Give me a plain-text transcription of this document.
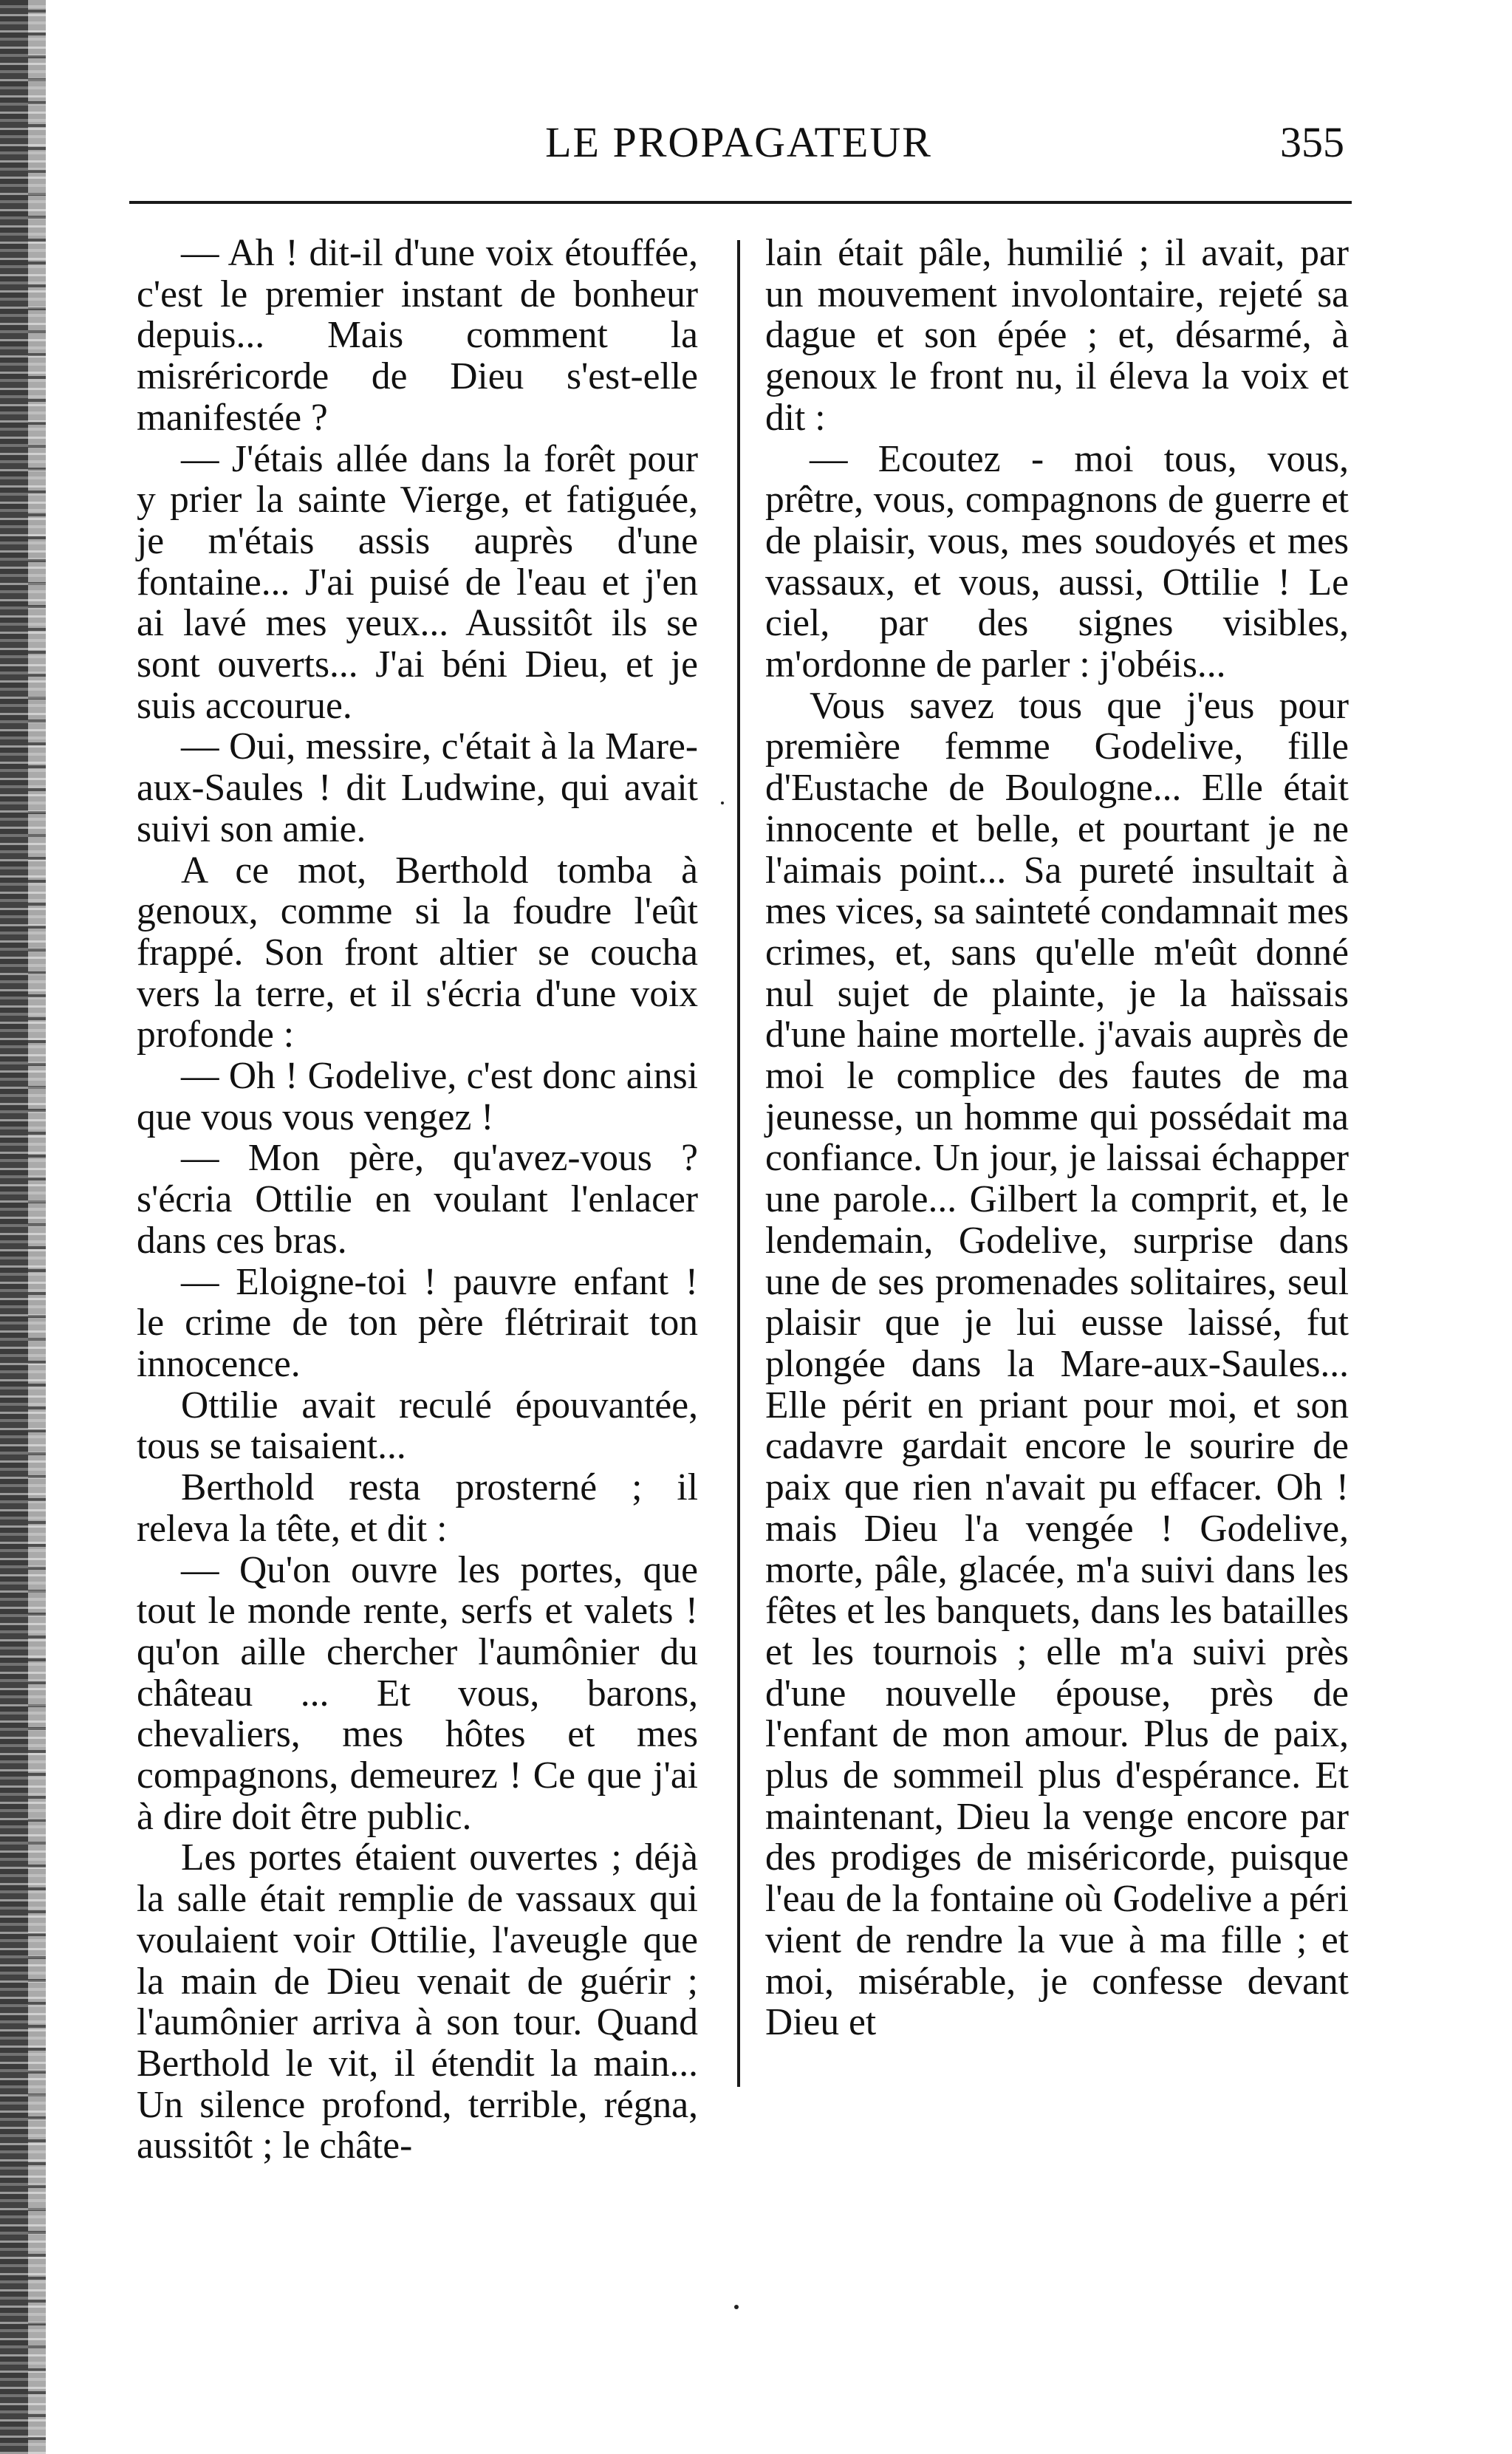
LE PROPAGATEUR	355

— Ah ! dit-il d'une voix étouffée, c'est le premier instant de bonheur depuis... Mais comment la misréricorde de Dieu s'est-elle manifestée ?

— J'étais allée dans la forêt pour y prier la sainte Vierge, et fatiguée, je m'étais assis auprès d'une fontaine... J'ai puisé de l'eau et j'en ai lavé mes yeux... Aussitôt ils se sont ouverts... J'ai béni Dieu, et je suis accourue.

— Oui, messire, c'était à la Mare-aux-Saules ! dit Ludwine, qui avait suivi son amie.

A ce mot, Berthold tomba à genoux, comme si la foudre l'eût frappé. Son front altier se coucha vers la terre, et il s'écria d'une voix profonde :

— Oh ! Godelive, c'est donc ainsi que vous vous vengez !

— Mon père, qu'avez-vous ? s'écria Ottilie en voulant l'enlacer dans ces bras.

— Eloigne-toi ! pauvre enfant ! le crime de ton père flétrirait ton innocence.

Ottilie avait reculé épouvantée, tous se taisaient...

Berthold resta prosterné ; il releva la tête, et dit :

— Qu'on ouvre les portes, que tout le monde rente, serfs et valets ! qu'on aille chercher l'aumônier du château ... Et vous, barons, chevaliers, mes hôtes et mes compagnons, demeurez ! Ce que j'ai à dire doit être public.

Les portes étaient ouvertes ; déjà la salle était remplie de vassaux qui voulaient voir Ottilie, l'aveugle que la main de Dieu venait de guérir ; l'aumônier arriva à son tour. Quand Berthold le vit, il étendit la main... Un silence profond, terrible, régna, aussitôt ; le châte-

lain était pâle, humilié ; il avait, par un mouvement involontaire, rejeté sa dague et son épée ; et, désarmé, à genoux le front nu, il éleva la voix et dit :

— Ecoutez - moi tous, vous, prêtre, vous, compagnons de guerre et de plaisir, vous, mes soudoyés et mes vassaux, et vous, aussi, Ottilie ! Le ciel, par des signes visibles, m'ordonne de parler : j'obéis...

Vous savez tous que j'eus pour première femme Godelive, fille d'Eustache de Boulogne... Elle était innocente et belle, et pourtant je ne l'aimais point... Sa pureté insultait à mes vices, sa sainteté condamnait mes crimes, et, sans qu'elle m'eût donné nul sujet de plainte, je la haïssais d'une haine mortelle. j'avais auprès de moi le complice des fautes de ma jeunesse, un homme qui possédait ma confiance. Un jour, je laissai échapper une parole... Gilbert la comprit, et, le lendemain, Godelive, surprise dans une de ses promenades solitaires, seul plaisir que je lui eusse laissé, fut plongée dans la Mare-aux-Saules... Elle périt en priant pour moi, et son cadavre gardait encore le sourire de paix que rien n'avait pu effacer. Oh ! mais Dieu l'a vengée ! Godelive, morte, pâle, glacée, m'a suivi dans les fêtes et les banquets, dans les batailles et les tournois ; elle m'a suivi près d'une nouvelle épouse, près de l'enfant de mon amour. Plus de paix, plus de sommeil plus d'espérance. Et maintenant, Dieu la venge encore par des prodiges de miséricorde, puisque l'eau de la fontaine où Godelive a péri vient de rendre la vue à ma fille ; et moi, misérable, je confesse devant Dieu et
